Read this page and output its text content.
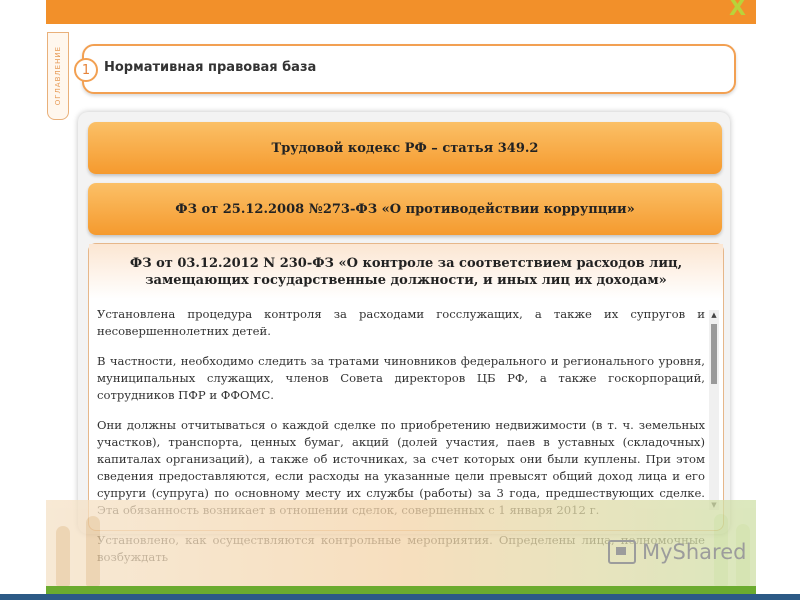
X
ОГЛАВЛЕНИЕ	1	Нормативная правовая база
Трудовой кодекс РФ – статья 349.2
ФЗ от 25.12.2008 №273-ФЗ «О противодействии коррупции»
ФЗ от 03.12.2012 N 230-ФЗ «О контроле за соответствием расходов лиц,
замещающих государственные должности, и иных лиц их доходам»

Установлена процедура контроля за расходами госслужащих, а также их супругов и несовершеннолетних детей.

В частности, необходимо следить за тратами чиновников федерального и регионального уровня, муниципальных служащих, членов Совета директоров ЦБ РФ, а также госкорпораций, сотрудников ПФР и ФФОМС.

Они должны отчитываться о каждой сделке по приобретению недвижимости (в т. ч. земельных участков), транспорта, ценных бумаг, акций (долей участия, паев в уставных (складочных) капиталах организаций), а также об источниках, за счет которых они были куплены. При этом сведения предоставляются, если расходы на указанные цели превысят общий доход лица и его супруги (супруга) по основному месту их службы (работы) за 3 года, предшествующих сделке.

▲
MyShared
